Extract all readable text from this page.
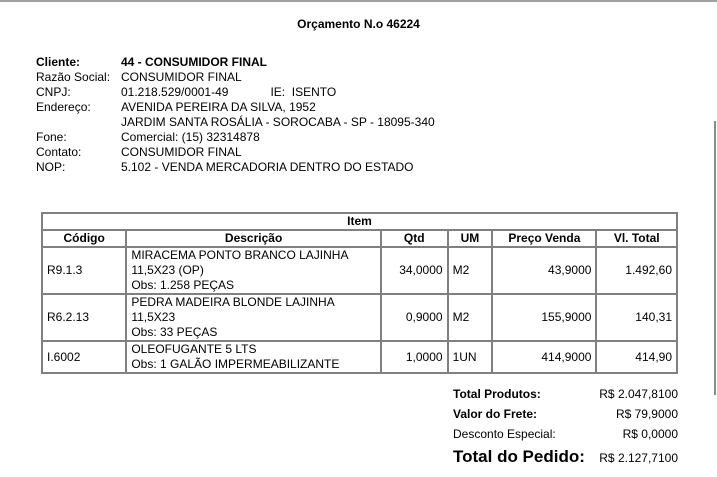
Orçamento N.o 46224
Cliente:	44 - CONSUMIDOR FINAL
Razão Social: CONSUMIDOR FINAL
CNPJ:	01.218.529/0001-49	IE:
ISENTO
Endereço:	AVENIDA PEREIRA DA SILVA, 1952
JARDIM SANTA ROSÁLIA - SOROCABA - SP - 18095-340
Fone:	Comercial: (15) 32314878
Contato:	CONSUMIDOR FINAL
NOP:	5.102 - VENDA MERCADORIA DENTRO DO ESTADO
Item					
Código	Descrição	Qtd	UM	Preço Venda	Vl. Total
R9.1.3	MIRACEMA PONTO BRANCO LAJINHA
11,5X23 (OP)
Obs: 1.258 PEÇAS	34,0000	M2	43,9000	1.492,60
R6.2.13	PEDRA MADEIRA BLONDE LAJINHA 11,5X23
Obs: 33 PEÇAS	0,9000	M2	155,9000	140,31
I.6002	OLEOFUGANTE 5 LTS
Obs: 1 GALÃO IMPERMEABILIZANTE	1,0000	1UN	414,9000	414,90
Total Produtos:	R$ 2.047,8100
Valor do Frete:	R$ 79,9000
Desconto Especial:	R$ 0,0000
Total do Pedido: R$ 2.127,7100
